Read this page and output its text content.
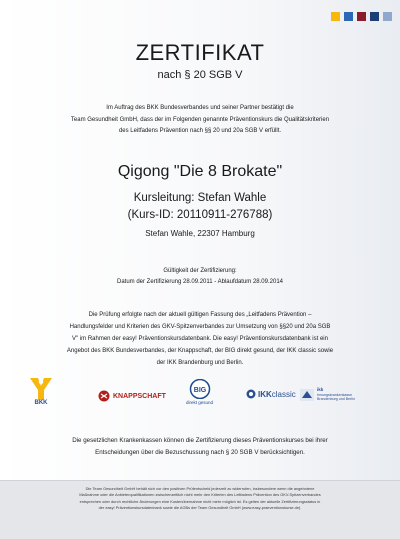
ZERTIFIKAT
nach § 20 SGB V
Im Auftrag des BKK Bundesverbandes und seiner Partner bestätigt die
Team Gesundheit GmbH, dass der im Folgenden genannte Präventionskurs die Qualitätskriterien
des Leitfadens Prävention nach §§ 20 und 20a SGB V erfüllt.
Qigong "Die 8 Brokate"
Kursleitung: Stefan Wahle
(Kurs-ID: 20110911-276788)
Stefan Wahle, 22307 Hamburg
Gültigkeit der Zertifizierung:
Datum der Zertifizierung 28.09.2011 - Ablaufdatum 28.09.2014
Die Prüfung erfolgte nach der aktuell gültigen Fassung des „Leitfadens Prävention –
Handlungsfelder und Kriterien des GKV-Spitzenverbandes zur Umsetzung von §§20 und 20a SGB
V" im Rahmen der easy! Präventionskursdatenbank. Die easy! Präventionskursdatenbank ist ein
Angebot des BKK Bundesverbandes, der Knappschaft, der BIG direkt gesund, der IKK classic sowie
der IKK Brandenburg und Berlin.
BKK
KNAPPSCHAFT
BIG
direkt gesund
IKKclassic	ikk
Innungskrankenkasse
Brandenburg und Berlin
Die gesetzlichen Krankenkassen können die Zertifizierung dieses Präventionskurses bei ihrer
Entscheidungen über die Bezuschussung nach § 20 SGB V berücksichtigen.
Die Team Gesundheit GmbH behält sich vor den positiven Prüfentscheid jederzeit zu widerrufen, insbesondere wenn die angebotene
Maßnahme oder die Anbieterqualifikationen zwischenzeitlich nicht mehr den Kriterien des Leitfadens Prävention des GKV-Spitzenverbandes
entsprechen oder durch rechtliche Änderungen eine Kostenübernahme nicht mehr möglich ist. Es gelten der aktuelle Zertifizierungsstatus in
der easy! Präventionskursdatenbank sowie die AGBs der Team Gesundheit GmbH (www.easy-praeventionskurse.de).
